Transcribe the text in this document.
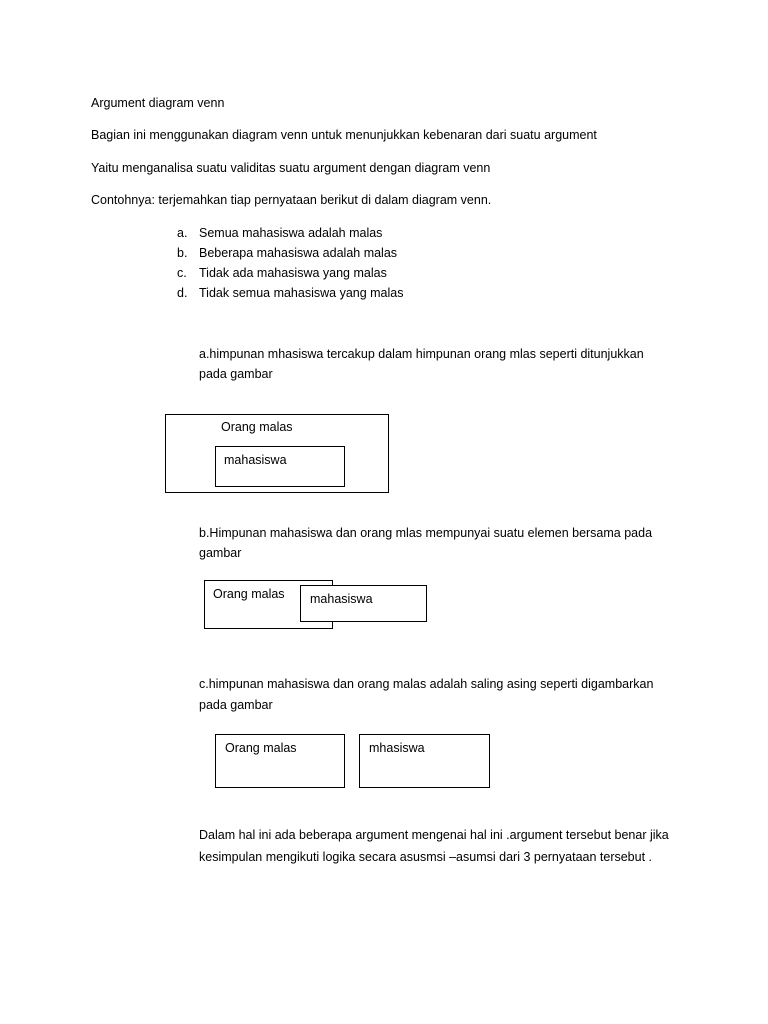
Argument diagram venn
Bagian ini menggunakan diagram venn untuk menunjukkan kebenaran dari suatu argument
Yaitu menganalisa suatu validitas suatu argument dengan diagram venn
Contohnya: terjemahkan tiap pernyataan berikut di dalam diagram venn.
a. Semua mahasiswa adalah malas
b. Beberapa mahasiswa adalah malas
c. Tidak ada mahasiswa yang malas
d. Tidak semua mahasiswa yang malas
a.himpunan mhasiswa tercakup dalam himpunan orang mlas seperti ditunjukkan
pada gambar
Orang malas
mahasiswa
b.Himpunan mahasiswa dan orang mlas mempunyai suatu elemen bersama pada
gambar
Orang malas mahasiswa
c.himpunan mahasiswa dan orang malas adalah saling asing seperti digambarkan
pada gambar
Orang malas	mhasiswa
Dalam hal ini ada beberapa argument mengenai hal ini .argument tersebut benar jika
kesimpulan mengikuti logika secara asusmsi –asumsi dari 3 pernyataan tersebut .
